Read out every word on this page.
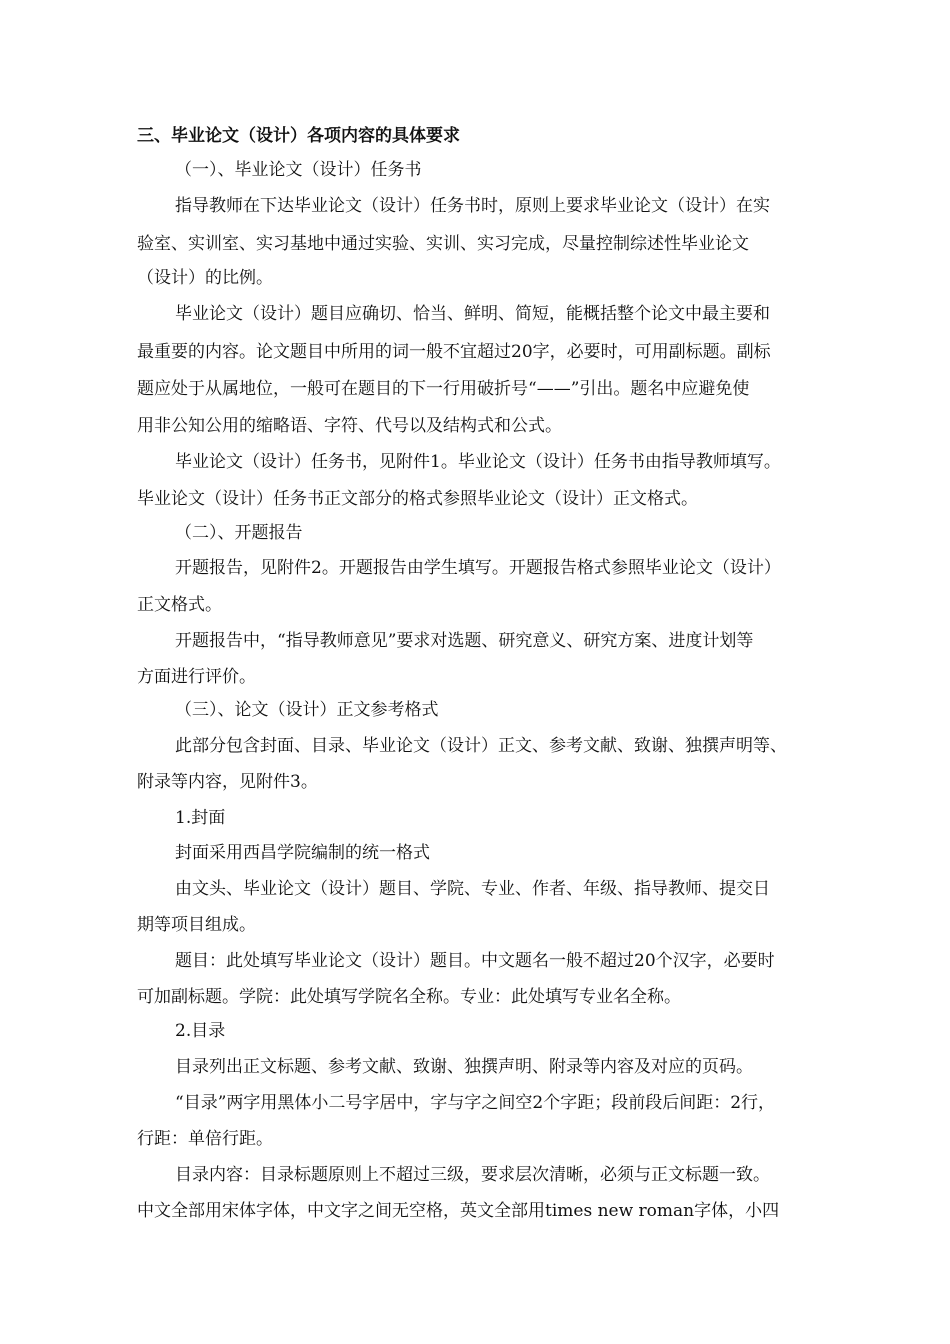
三、毕业论文（设计）各项内容的具体要求
（一）、毕业论文（设计）任务书
指导教师在下达毕业论文（设计）任务书时，原则上要求毕业论文（设计）在实
验室、实训室、实习基地中通过实验、实训、实习完成，尽量控制综述性毕业论文
（设计）的比例。
毕业论文（设计）题目应确切、恰当、鲜明、简短，能概括整个论文中最主要和
最重要的内容。论文题目中所用的词一般不宜超过20字，必要时，可用副标题。副标
题应处于从属地位，一般可在题目的下一行用破折号“——”引出。题名中应避免使
用非公知公用的缩略语、字符、代号以及结构式和公式。
毕业论文（设计）任务书，见附件1。毕业论文（设计）任务书由指导教师填写。
毕业论文（设计）任务书正文部分的格式参照毕业论文（设计）正文格式。
（二）、开题报告
开题报告，见附件2。开题报告由学生填写。开题报告格式参照毕业论文（设计）
正文格式。
开题报告中，“指导教师意见”要求对选题、研究意义、研究方案、进度计划等
方面进行评价。
（三）、论文（设计）正文参考格式
此部分包含封面、目录、毕业论文（设计）正文、参考文献、致谢、独撰声明等、
附录等内容，见附件3。
1.封面
封面采用西昌学院编制的统一格式
由文头、毕业论文（设计）题目、学院、专业、作者、年级、指导教师、提交日
期等项目组成。
题目：此处填写毕业论文（设计）题目。中文题名一般不超过20个汉字，必要时
可加副标题。学院：此处填写学院名全称。专业：此处填写专业名全称。
2.目录
目录列出正文标题、参考文献、致谢、独撰声明、附录等内容及对应的页码。
“目录”两字用黑体小二号字居中，字与字之间空2个字距；段前段后间距：2行，
行距：单倍行距。
目录内容：目录标题原则上不超过三级，要求层次清晰，必须与正文标题一致。
中文全部用宋体字体，中文字之间无空格，英文全部用times new roman字体，小四
